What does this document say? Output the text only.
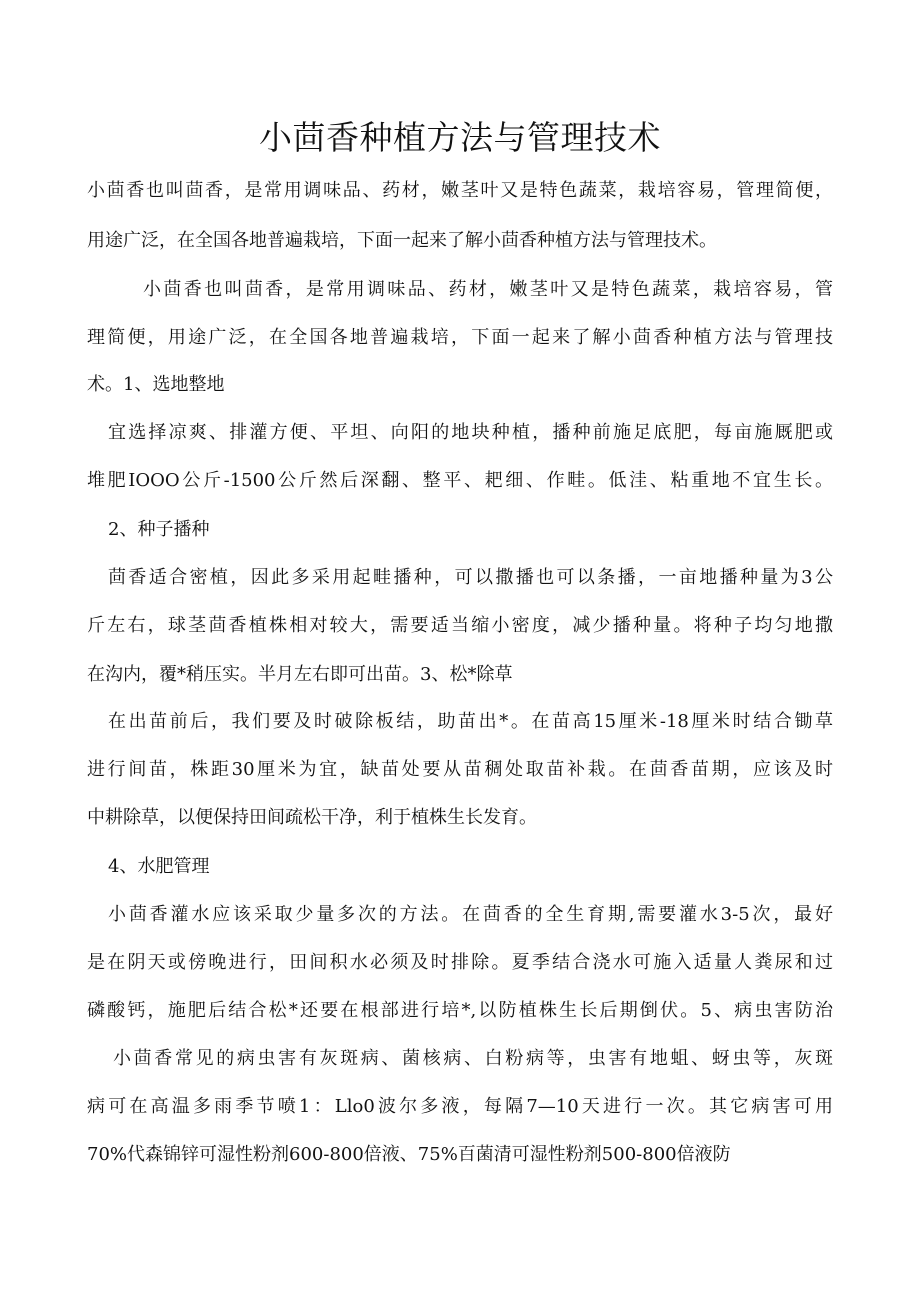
小茴香种植方法与管理技术

小茴香也叫茴香，是常用调味品、药材，嫩茎叶又是特色蔬菜，栽培容易，管理简便，

用途广泛，在全国各地普遍栽培，下面一起来了解小茴香种植方法与管理技术。

小茴香也叫茴香，是常用调味品、药材，嫩茎叶又是特色蔬菜，栽培容易，管

理简便，用途广泛，在全国各地普遍栽培，下面一起来了解小茴香种植方法与管理技

术。1、选地整地

宜选择凉爽、排灌方便、平坦、向阳的地块种植，播种前施足底肥，每亩施厩肥或

堆肥IOOO公斤-1500公斤然后深翻、整平、耙细、作畦。低洼、粘重地不宜生长。

2、种子播种

茴香适合密植，因此多采用起畦播种，可以撒播也可以条播，一亩地播种量为3公

斤左右，球茎茴香植株相对较大，需要适当缩小密度，减少播种量。将种子均匀地撒

在沟内，覆*稍压实。半月左右即可出苗。3、松*除草

在出苗前后，我们要及时破除板结，助苗出*。在苗高15厘米-18厘米时结合锄草

进行间苗，株距30厘米为宜，缺苗处要从苗稠处取苗补栽。在茴香苗期，应该及时

中耕除草，以便保持田间疏松干净，利于植株生长发育。

4、水肥管理

小茴香灌水应该采取少量多次的方法。在茴香的全生育期,需要灌水3-5次，最好

是在阴天或傍晚进行，田间积水必须及时排除。夏季结合浇水可施入适量人粪尿和过

磷酸钙，施肥后结合松*还要在根部进行培*,以防植株生长后期倒伏。5、病虫害防治

小茴香常见的病虫害有灰斑病、菌核病、白粉病等，虫害有地蛆、蚜虫等，灰斑

病可在高温多雨季节喷1：Llo0波尔多液，每隔7—10天进行一次。其它病害可用

70%代森锦锌可湿性粉剂600-800倍液、75%百菌清可湿性粉剂500-800倍液防
